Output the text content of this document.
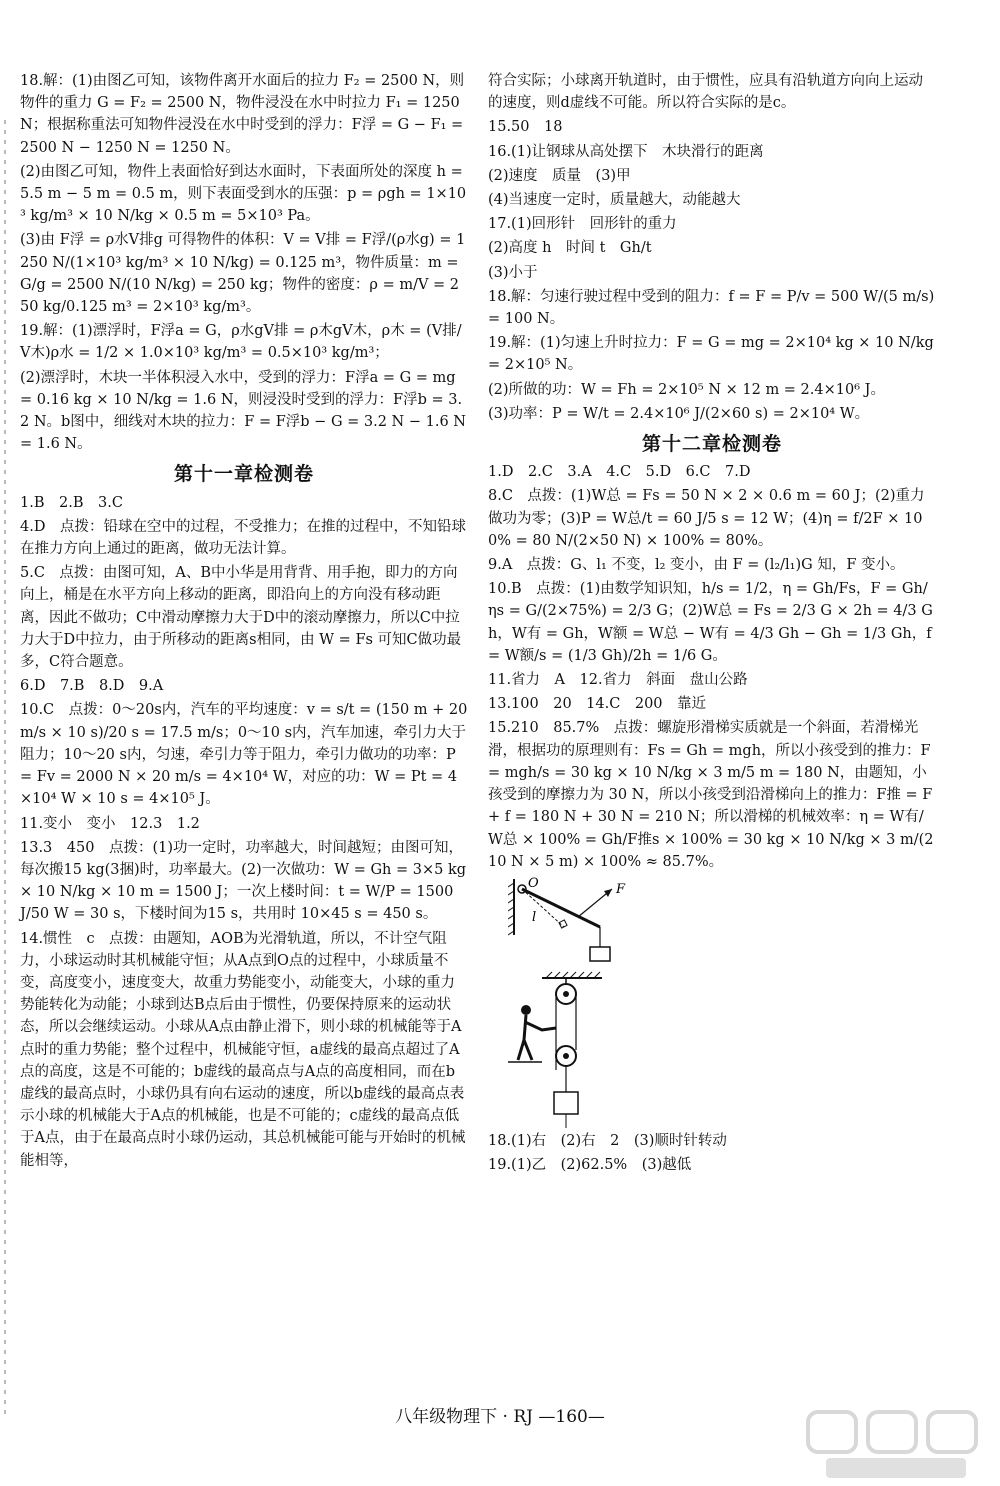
18.解：(1)由图乙可知，该物件离开水面后的拉力 F₂ = 2500 N，则物件的重力 G = F₂ = 2500 N，物件浸没在水中时拉力 F₁ = 1250 N；根据称重法可知物件浸没在水中时受到的浮力：F浮 = G − F₁ = 2500 N − 1250 N = 1250 N。
(2)由图乙可知，物件上表面恰好到达水面时，下表面所处的深度 h = 5.5 m − 5 m = 0.5 m，则下表面受到水的压强：p = ρgh = 1×10³ kg/m³ × 10 N/kg × 0.5 m = 5×10³ Pa。
(3)由 F浮 = ρ水V排g 可得物件的体积：V = V排 = F浮/(ρ水g) = 1250 N/(1×10³ kg/m³ × 10 N/kg) = 0.125 m³，物件质量：m = G/g = 2500 N/(10 N/kg) = 250 kg；物件的密度：ρ = m/V = 250 kg/0.125 m³ = 2×10³ kg/m³。
19.解：(1)漂浮时，F浮a = G，ρ水gV排 = ρ木gV木，ρ木 = (V排/V木)ρ水 = 1/2 × 1.0×10³ kg/m³ = 0.5×10³ kg/m³；
(2)漂浮时，木块一半体积浸入水中，受到的浮力：F浮a = G = mg = 0.16 kg × 10 N/kg = 1.6 N，则浸没时受到的浮力：F浮b = 3.2 N。b图中，细线对木块的拉力：F = F浮b − G = 3.2 N − 1.6 N = 1.6 N。
第十一章检测卷
1.B　2.B　3.C
4.D　点拨：铅球在空中的过程，不受推力；在推的过程中，不知铅球在推力方向上通过的距离，做功无法计算。
5.C　点拨：由图可知，A、B中小华是用背背、用手抱，即力的方向向上，桶是在水平方向上移动的距离，即沿向上的方向没有移动距离，因此不做功；C中滑动摩擦力大于D中的滚动摩擦力，所以C中拉力大于D中拉力，由于所移动的距离s相同，由 W = Fs 可知C做功最多，C符合题意。
6.D　7.B　8.D　9.A
10.C　点拨：0～20s内，汽车的平均速度：v = s/t = (150 m + 20 m/s × 10 s)/20 s = 17.5 m/s；0～10 s内，汽车加速，牵引力大于阻力；10～20 s内，匀速，牵引力等于阻力，牵引力做功的功率：P = Fv = 2000 N × 20 m/s = 4×10⁴ W，对应的功：W = Pt = 4×10⁴ W × 10 s = 4×10⁵ J。
11.变小　变小　12.3　1.2
13.3　450　点拨：(1)功一定时，功率越大，时间越短；由图可知，每次搬15 kg(3捆)时，功率最大。(2)一次做功：W = Gh = 3×5 kg × 10 N/kg × 10 m = 1500 J；一次上楼时间：t = W/P = 1500 J/50 W = 30 s，下楼时间为15 s，共用时 10×45 s = 450 s。
14.惯性　c　点拨：由题知，AOB为光滑轨道，所以，不计空气阻力，小球运动时其机械能守恒；从A点到O点的过程中，小球质量不变，高度变小，速度变大，故重力势能变小，动能变大，小球的重力势能转化为动能；小球到达B点后由于惯性，仍要保持原来的运动状态，所以会继续运动。小球从A点由静止滑下，则小球的机械能等于A点时的重力势能；整个过程中，机械能守恒，a虚线的最高点超过了A点的高度，这是不可能的；b虚线的最高点与A点的高度相同，而在b虚线的最高点时，小球仍具有向右运动的速度，所以b虚线的最高点表示小球的机械能大于A点的机械能，也是不可能的；c虚线的最高点低于A点，由于在最高点时小球仍运动，其总机械能可能与开始时的机械能相等，
符合实际；小球离开轨道时，由于惯性，应具有沿轨道方向向上运动的速度，则d虚线不可能。所以符合实际的是c。
15.50　18
16.(1)让钢球从高处摆下　木块滑行的距离
(2)速度　质量　(3)甲
(4)当速度一定时，质量越大，动能越大
17.(1)回形针　回形针的重力
(2)高度 h　时间 t　Gh/t
(3)小于
18.解：匀速行驶过程中受到的阻力：f = F = P/v = 500 W/(5 m/s) = 100 N。
19.解：(1)匀速上升时拉力：F = G = mg = 2×10⁴ kg × 10 N/kg = 2×10⁵ N。
(2)所做的功：W = Fh = 2×10⁵ N × 12 m = 2.4×10⁶ J。
(3)功率：P = W/t = 2.4×10⁶ J/(2×60 s) = 2×10⁴ W。
第十二章检测卷
1.D　2.C　3.A　4.C　5.D　6.C　7.D
8.C　点拨：(1)W总 = Fs = 50 N × 2 × 0.6 m = 60 J；(2)重力做功为零；(3)P = W总/t = 60 J/5 s = 12 W；(4)η = f/2F × 100% = 80 N/(2×50 N) × 100% = 80%。
9.A　点拨：G、l₁ 不变，l₂ 变小，由 F = (l₂/l₁)G 知，F 变小。
10.B　点拨：(1)由数学知识知，h/s = 1/2，η = Gh/Fs，F = Gh/ηs = G/(2×75%) = 2/3 G；(2)W总 = Fs = 2/3 G × 2h = 4/3 Gh，W有 = Gh，W额 = W总 − W有 = 4/3 Gh − Gh = 1/3 Gh，f = W额/s = (1/3 Gh)/2h = 1/6 G。
11.省力　A　12.省力　斜面　盘山公路
13.100　20　14.C　200　靠近
15.210　85.7%　点拨：螺旋形滑梯实质就是一个斜面，若滑梯光滑，根据功的原理则有：Fs = Gh = mgh，所以小孩受到的推力：F = mgh/s = 30 kg × 10 N/kg × 3 m/5 m = 180 N，由题知，小孩受到的摩擦力为 30 N，所以小孩受到沿滑梯向上的推力：F推 = F + f = 180 N + 30 N = 210 N；所以滑梯的机械效率：η = W有/W总 × 100% = Gh/F推s × 100% = 30 kg × 10 N/kg × 3 m/(210 N × 5 m) × 100% ≈ 85.7%。
O	F
l
18.(1)右　(2)右　2　(3)顺时针转动
19.(1)乙　(2)62.5%　(3)越低
八年级物理下 · RJ —160—
